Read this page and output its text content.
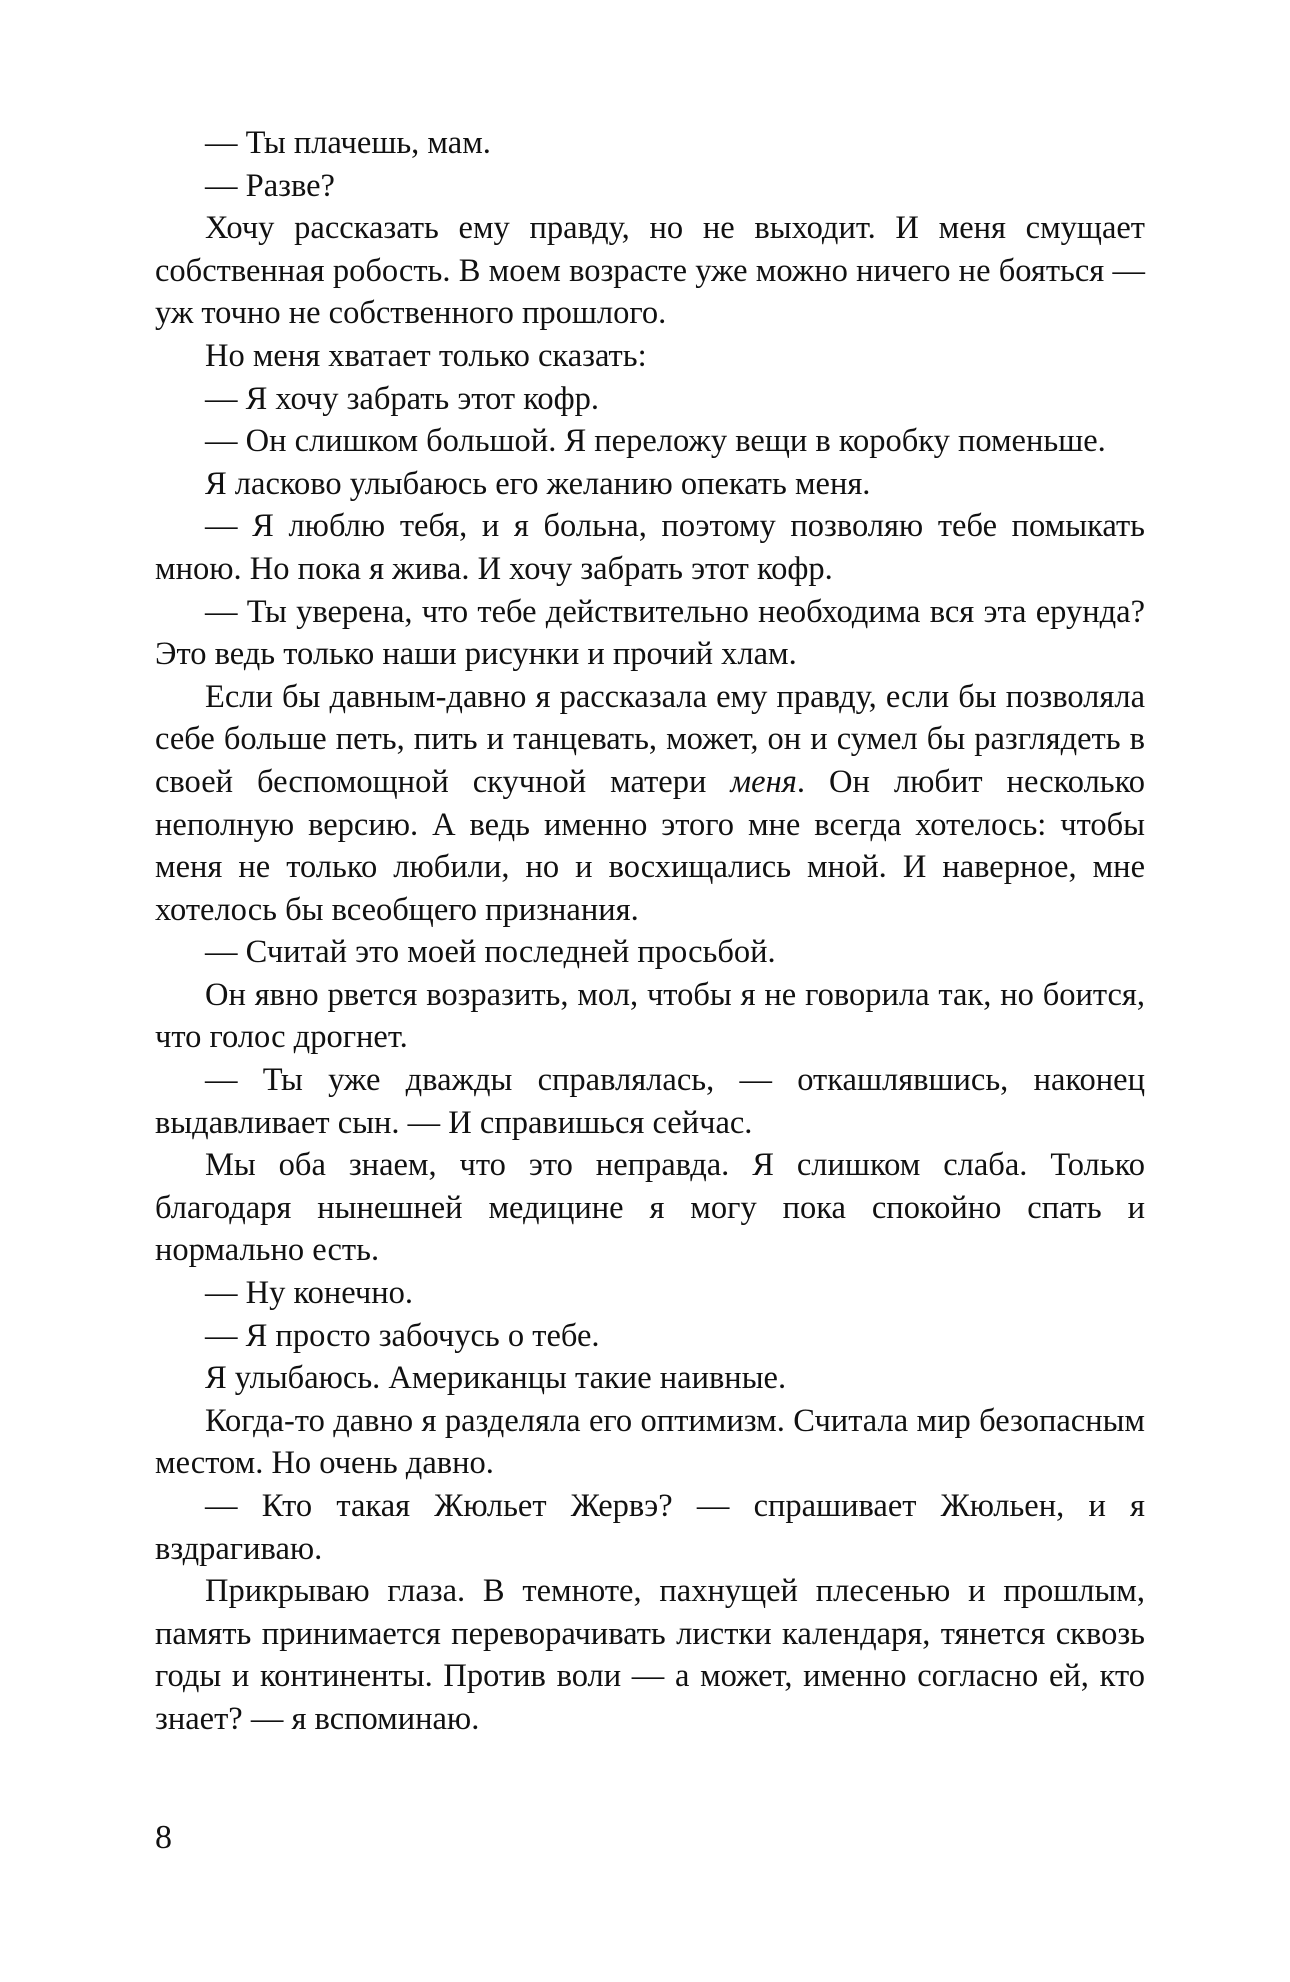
— Ты плачешь, мам.

— Разве?

Хочу рассказать ему правду, но не выходит. И меня смущает собственная робость. В моем возрасте уже можно ничего не бояться — уж точно не собственного прошлого.

Но меня хватает только сказать:

— Я хочу забрать этот кофр.

— Он слишком большой. Я переложу вещи в коробку поменьше.

Я ласково улыбаюсь его желанию опекать меня.

— Я люблю тебя, и я больна, поэтому позволяю тебе помыкать мною. Но пока я жива. И хочу забрать этот кофр.

— Ты уверена, что тебе действительно необходима вся эта ерунда? Это ведь только наши рисунки и прочий хлам.

Если бы давным-давно я рассказала ему правду, если бы позволяла себе больше петь, пить и танцевать, может, он и сумел бы разглядеть в своей беспомощной скучной матери меня. Он любит несколько неполную версию. А ведь именно этого мне всегда хотелось: чтобы меня не только любили, но и восхищались мной. И наверное, мне хотелось бы всеобщего признания.

— Считай это моей последней просьбой.

Он явно рвется возразить, мол, чтобы я не говорила так, но боится, что голос дрогнет.

— Ты уже дважды справлялась, — откашлявшись, наконец выдавливает сын. — И справишься сейчас.

Мы оба знаем, что это неправда. Я слишком слаба. Только благодаря нынешней медицине я могу пока спокойно спать и нормально есть.

— Ну конечно.

— Я просто забочусь о тебе.

Я улыбаюсь. Американцы такие наивные.

Когда-то давно я разделяла его оптимизм. Считала мир безопасным местом. Но очень давно.

— Кто такая Жюльет Жервэ? — спрашивает Жюльен, и я вздрагиваю.

Прикрываю глаза. В темноте, пахнущей плесенью и прошлым, память принимается переворачивать листки календаря, тянется сквозь годы и континенты. Против воли — а может, именно согласно ей, кто знает? — я вспоминаю.

8
